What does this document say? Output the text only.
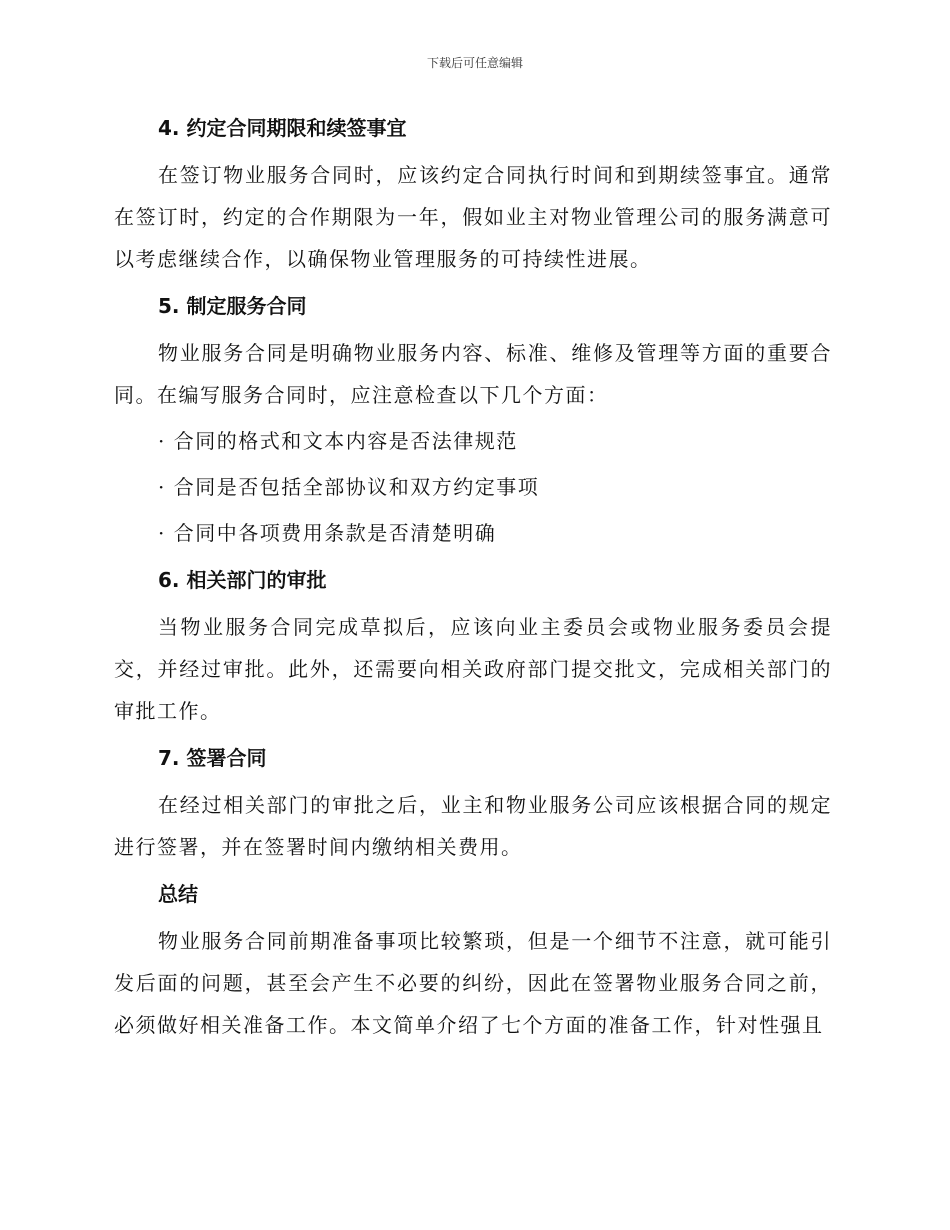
下载后可任意编辑
4. 约定合同期限和续签事宜
在签订物业服务合同时，应该约定合同执行时间和到期续签事宜。通常在签订时，约定的合作期限为一年，假如业主对物业管理公司的服务满意可以考虑继续合作，以确保物业管理服务的可持续性进展。
5. 制定服务合同
物业服务合同是明确物业服务内容、标准、维修及管理等方面的重要合同。在编写服务合同时，应注意检查以下几个方面：
· 合同的格式和文本内容是否法律规范
· 合同是否包括全部协议和双方约定事项
· 合同中各项费用条款是否清楚明确
6. 相关部门的审批
当物业服务合同完成草拟后，应该向业主委员会或物业服务委员会提交，并经过审批。此外，还需要向相关政府部门提交批文，完成相关部门的审批工作。
7. 签署合同
在经过相关部门的审批之后，业主和物业服务公司应该根据合同的规定进行签署，并在签署时间内缴纳相关费用。
总结
物业服务合同前期准备事项比较繁琐，但是一个细节不注意，就可能引发后面的问题，甚至会产生不必要的纠纷，因此在签署物业服务合同之前，必须做好相关准备工作。本文简单介绍了七个方面的准备工作，针对性强且
